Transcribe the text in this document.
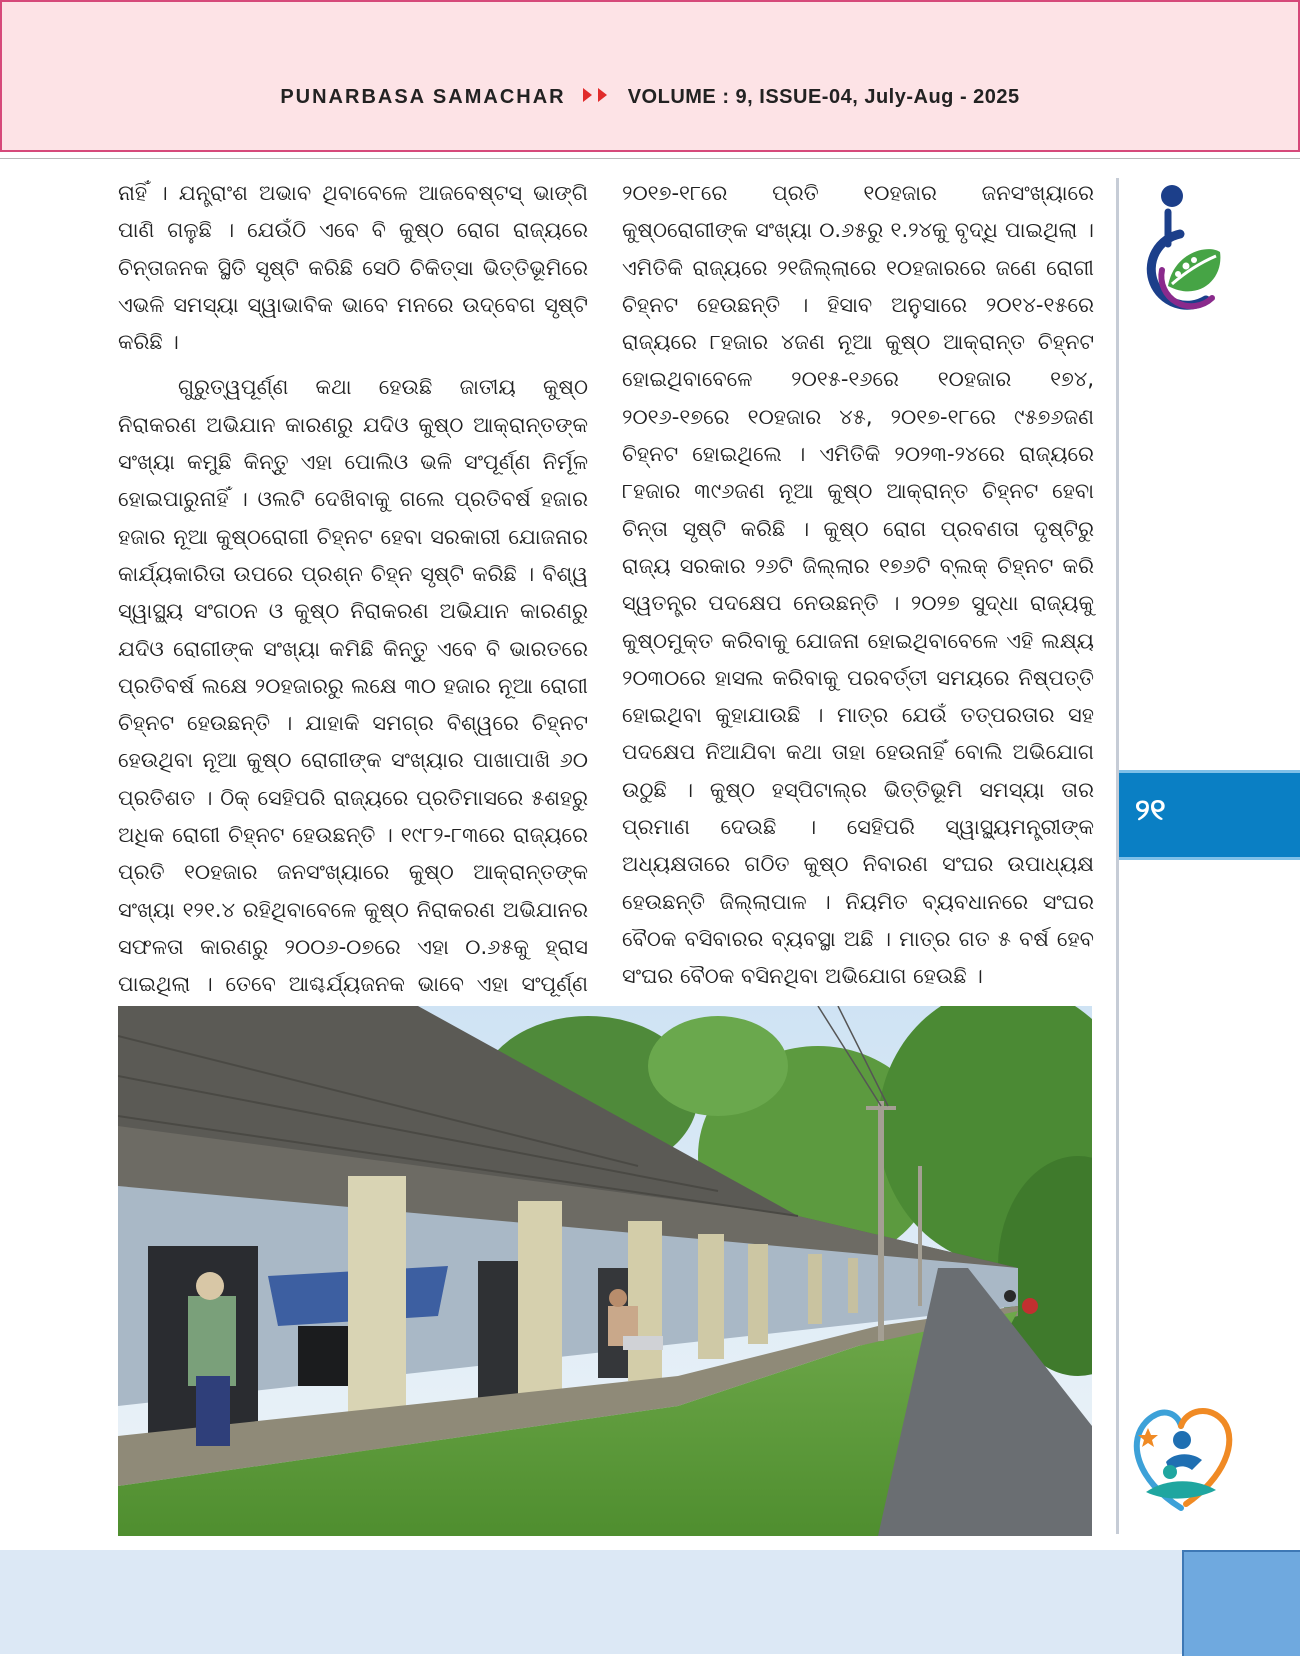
PUNARBASA SAMACHAR	VOLUME : 9, ISSUE-04, July-Aug - 2025

ନାହିଁ । ଯନ୍ତ୍ରାଂଶ ଅଭାବ ଥିବାବେଳେ ଆଜବେଷ୍ଟସ୍ ଭାଙ୍ଗି ପାଣି ଗଳୁଛି । ଯେଉଁଠି ଏବେ ବି କୁଷ୍ଠ ରୋଗ ରାଜ୍ୟରେ ଚିନ୍ତାଜନକ ସ୍ଥିତି ସୃଷ୍ଟି କରିଛି ସେଠି ଚିକିତ୍ସା ଭିତ୍ତିଭୂମିରେ ଏଭଳି ସମସ୍ୟା ସ୍ୱାଭାବିକ ଭାବେ ମନରେ ଉଦ୍‌ବେଗ ସୃଷ୍ଟି କରିଛି ।

ଗୁରୁତ୍ୱପୂର୍ଣ୍ଣ କଥା ହେଉଛି ଜାତୀୟ କୁଷ୍ଠ ନିରାକରଣ ଅଭିଯାନ କାରଣରୁ ଯଦିଓ କୁଷ୍ଠ ଆକ୍ରାନ୍ତଙ୍କ ସଂଖ୍ୟା କମୁଛି କିନ୍ତୁ ଏହା ପୋଲିଓ ଭଳି ସଂପୂର୍ଣ୍ଣ ନିର୍ମୂଳ ହୋଇପାରୁନାହିଁ । ଓଲଟି ଦେଖିବାକୁ ଗଲେ ପ୍ରତିବର୍ଷ ହଜାର ହଜାର ନୂଆ କୁଷ୍ଠରୋଗୀ ଚିହ୍ନଟ ହେବା ସରକାରୀ ଯୋଜନାର କାର୍ଯ୍ୟକାରିତା ଉପରେ ପ୍ରଶ୍ନ ଚିହ୍ନ ସୃଷ୍ଟି କରିଛି । ବିଶ୍ୱ ସ୍ୱାସ୍ଥ୍ୟ ସଂଗଠନ ଓ କୁଷ୍ଠ ନିରାକରଣ ଅଭିଯାନ କାରଣରୁ ଯଦିଓ ରୋଗୀଙ୍କ ସଂଖ୍ୟା କମିଛି କିନ୍ତୁ ଏବେ ବି ଭାରତରେ ପ୍ରତିବର୍ଷ ଲକ୍ଷେ ୨୦ହଜାରରୁ ଲକ୍ଷେ ୩୦ ହଜାର ନୂଆ ରୋଗୀ ଚିହ୍ନଟ ହେଉଛନ୍ତି । ଯାହାକି ସମଗ୍ର ବିଶ୍ୱରେ ଚିହ୍ନଟ ହେଉଥିବା ନୂଆ କୁଷ୍ଠ ରୋଗୀଙ୍କ ସଂଖ୍ୟାର ପାଖାପାଖି ୬୦ ପ୍ରତିଶତ । ଠିକ୍ ସେହିପରି ରାଜ୍ୟରେ ପ୍ରତିମାସରେ ୫ଶହରୁ ଅଧିକ ରୋଗୀ ଚିହ୍ନଟ ହେଉଛନ୍ତି । ୧୯୮୨-୮୩ରେ ରାଜ୍ୟରେ ପ୍ରତି ୧୦ହଜାର ଜନସଂଖ୍ୟାରେ କୁଷ୍ଠ ଆକ୍ରାନ୍ତଙ୍କ ସଂଖ୍ୟା ୧୨୧.୪ ରହିଥିବାବେଳେ କୁଷ୍ଠ ନିରାକରଣ ଅଭିଯାନର ସଫଳତା କାରଣରୁ ୨୦୦୬-୦୭ରେ ଏହା ୦.୬୫କୁ ହ୍ରାସ ପାଇଥିଲା । ତେବେ ଆଶ୍ଚର୍ଯ୍ୟଜନକ ଭାବେ ଏହା ସଂପୂର୍ଣ୍ଣ

୨୦୧୭-୧୮ରେ ପ୍ରତି ୧୦ହଜାର ଜନସଂଖ୍ୟାରେ କୁଷ୍ଠରୋଗୀଙ୍କ ସଂଖ୍ୟା ୦.୬୫ରୁ ୧.୨୪କୁ ବୃଦ୍ଧି ପାଇଥିଲା । ଏମିତିକି ରାଜ୍ୟରେ ୨୧ଜିଲ୍ଲାରେ ୧୦ହଜାରରେ ଜଣେ ରୋଗୀ ଚିହ୍ନଟ ହେଉଛନ୍ତି । ହିସାବ ଅନୁସାରେ ୨୦୧୪-୧୫ରେ ରାଜ୍ୟରେ ୮ହଜାର ୪ଜଣ ନୂଆ କୁଷ୍ଠ ଆକ୍ରାନ୍ତ ଚିହ୍ନଟ ହୋଇଥିବାବେଳେ ୨୦୧୫-୧୬ରେ ୧୦ହଜାର ୧୭୪, ୨୦୧୬-୧୭ରେ ୧୦ହଜାର ୪୫, ୨୦୧୭-୧୮ରେ ୯୫୭୬ଜଣ ଚିହ୍ନଟ ହୋଇଥିଲେ । ଏମିତିକି ୨୦୨୩-୨୪ରେ ରାଜ୍ୟରେ ୮ହଜାର ୩୯୬ଜଣ ନୂଆ କୁଷ୍ଠ ଆକ୍ରାନ୍ତ ଚିହ୍ନଟ ହେବା ଚିନ୍ତା ସୃଷ୍ଟି କରିଛି । କୁଷ୍ଠ ରୋଗ ପ୍ରବଣତା ଦୃଷ୍ଟିରୁ ରାଜ୍ୟ ସରକାର ୨୬ଟି ଜିଲ୍ଲାର ୧୭୬ଟି ବ୍ଲକ୍ ଚିହ୍ନଟ କରି ସ୍ୱତନ୍ତ୍ର ପଦକ୍ଷେପ ନେଉଛନ୍ତି । ୨୦୨୭ ସୁଦ୍ଧା ରାଜ୍ୟକୁ କୁଷ୍ଠମୁକ୍ତ କରିବାକୁ ଯୋଜନା ହୋଇଥିବାବେଳେ ଏହି ଲକ୍ଷ୍ୟ ୨୦୩୦ରେ ହାସଲ କରିବାକୁ ପରବର୍ତ୍ତୀ ସମୟରେ ନିଷ୍ପତ୍ତି ହୋଇଥିବା କୁହାଯାଉଛି । ମାତ୍ର ଯେଉଁ ତତ୍ପରତାର ସହ ପଦକ୍ଷେପ ନିଆଯିବା କଥା ତାହା ହେଉନାହିଁ ବୋଲି ଅଭିଯୋଗ ଉଠୁଛି । କୁଷ୍ଠ ହସ୍‌ପିଟାଲ୍‌ର ଭିତ୍ତିଭୂମି ସମସ୍ୟା ତାର ପ୍ରମାଣ ଦେଉଛି । ସେହିପରି ସ୍ୱାସ୍ଥ୍ୟମନ୍ତ୍ରୀଙ୍କ ଅଧ୍ୟକ୍ଷତାରେ ଗଠିତ କୁଷ୍ଠ ନିବାରଣ ସଂଘର ଉପାଧ୍ୟକ୍ଷ ହେଉଛନ୍ତି ଜିଲ୍ଲାପାଳ । ନିୟମିତ ବ୍ୟବଧାନରେ ସଂଘର ବୈଠକ ବସିବାରର ବ୍ୟବସ୍ଥା ଅଛି । ମାତ୍ର ଗତ ୫ ବର୍ଷ ହେବ ସଂଘର ବୈଠକ ବସିନଥିବା ଅଭିଯୋଗ ହେଉଛି ।

୨୧
